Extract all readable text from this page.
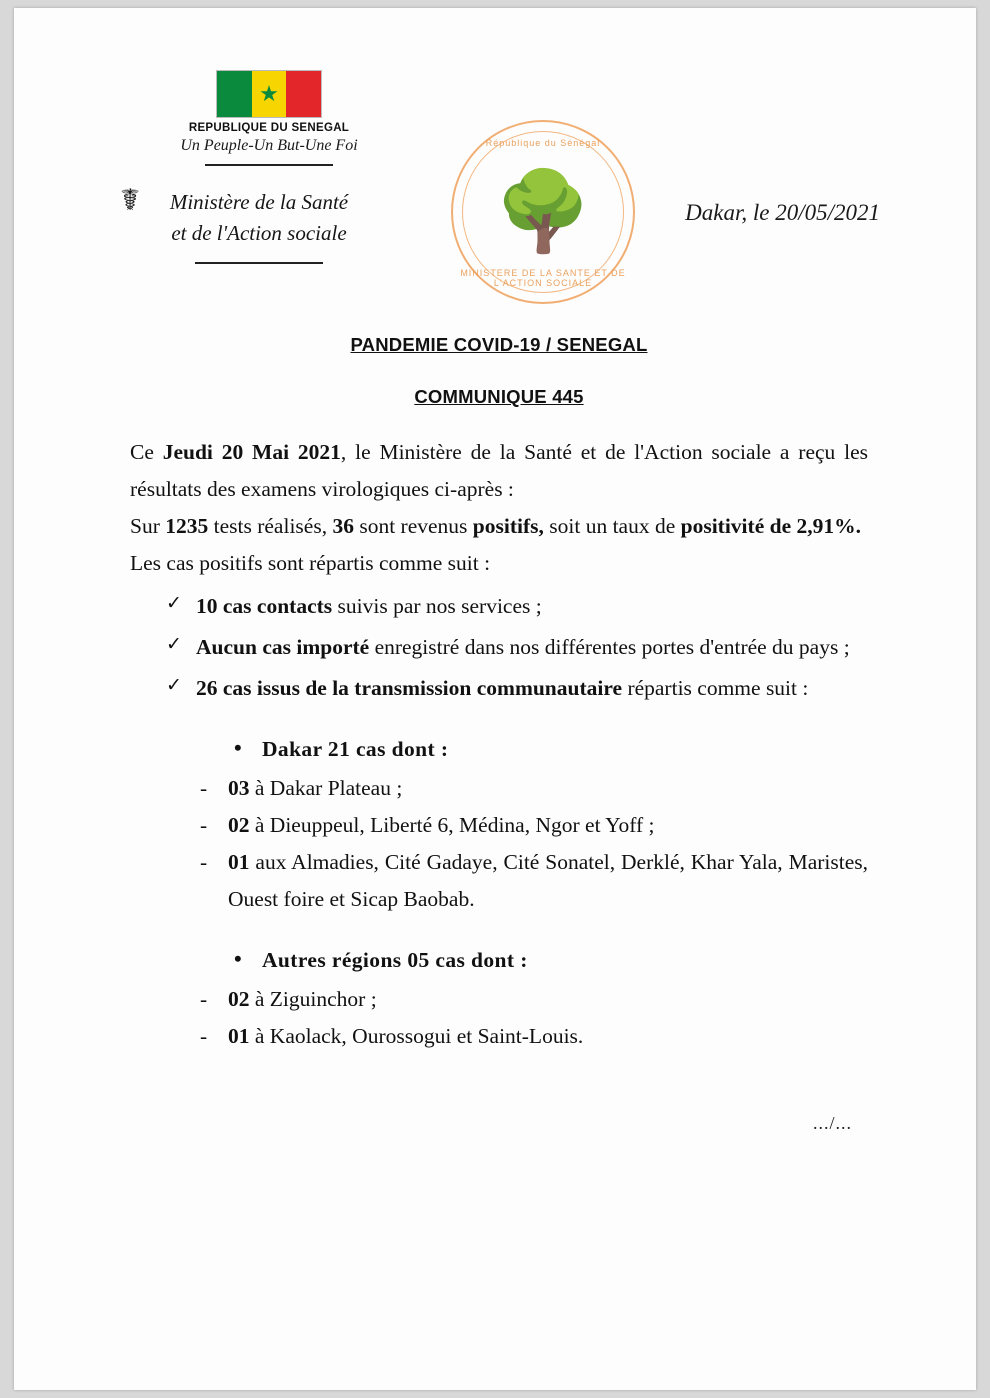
★
REPUBLIQUE DU SENEGAL
Un Peuple-Un But-Une Foi
☤	Ministère de la Santé
et de l'Action sociale
République du Sénégal
🌳
MINISTERE DE LA SANTE ET DE L'ACTION SOCIALE
Dakar, le 20/05/2021
PANDEMIE COVID-19 / SENEGAL
COMMUNIQUE 445

Ce Jeudi 20 Mai 2021, le Ministère de la Santé et de l'Action sociale a reçu les résultats des examens virologiques ci-après :

Sur 1235 tests réalisés, 36 sont revenus positifs, soit un taux de positivité de 2,91%.

Les cas positifs sont répartis comme suit :

✓ 10 cas contacts suivis par nos services ;
✓ Aucun cas importé enregistré dans nos différentes portes d'entrée du pays ;
✓ 26 cas issus de la transmission communautaire répartis comme suit :
• Dakar 21 cas dont :
- 03 à Dakar Plateau ;
- 02 à Dieuppeul, Liberté 6, Médina, Ngor et Yoff ;
- 01 aux Almadies, Cité Gadaye, Cité Sonatel, Derklé, Khar Yala, Maristes, Ouest foire et Sicap Baobab.
• Autres régions 05 cas dont :
- 02 à Ziguinchor ;
- 01 à Kaolack, Ourossogui et Saint-Louis.
.../...
